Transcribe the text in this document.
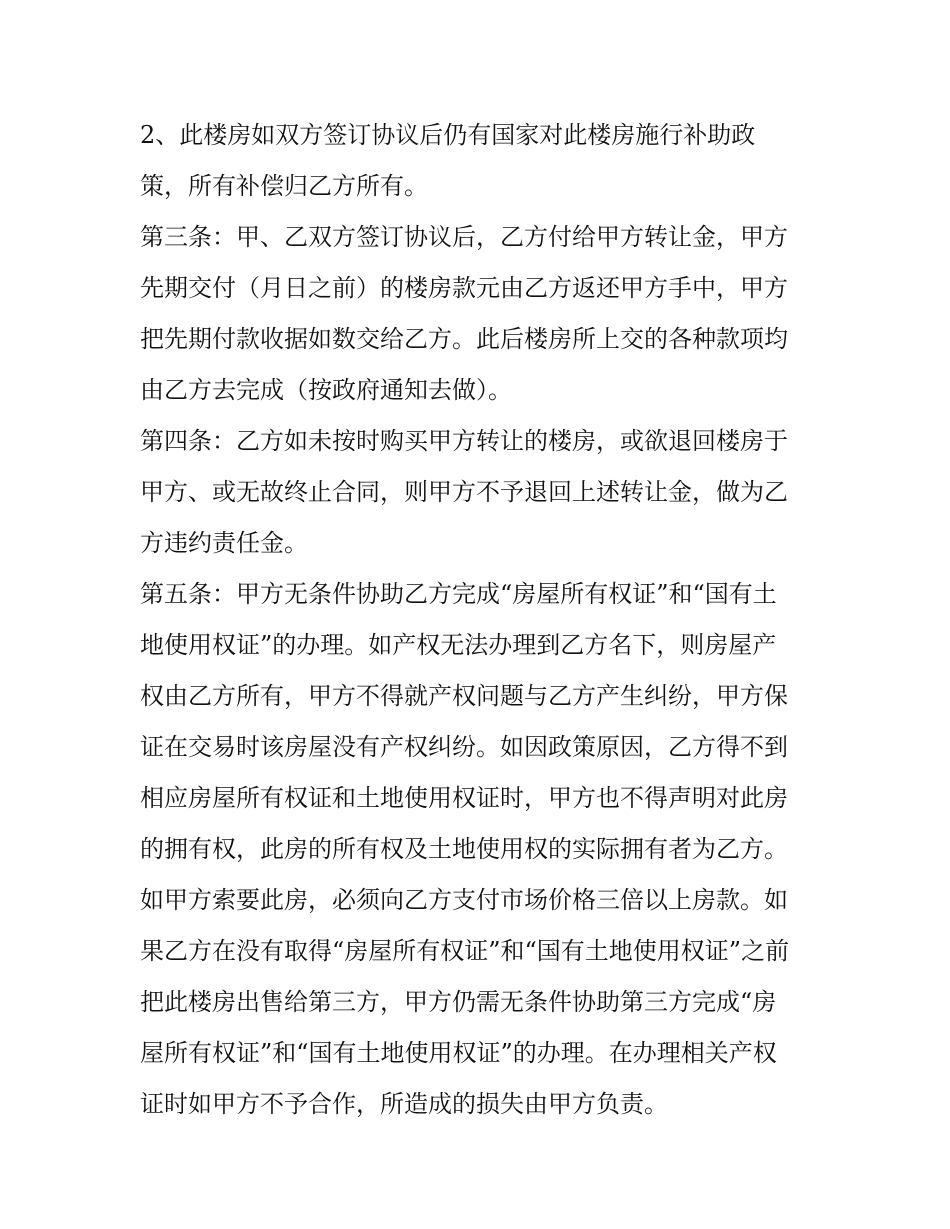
2、此楼房如双方签订协议后仍有国家对此楼房施行补助政
策，所有补偿归乙方所有。
第三条：甲、乙双方签订协议后，乙方付给甲方转让金，甲方
先期交付（月日之前）的楼房款元由乙方返还甲方手中，甲方
把先期付款收据如数交给乙方。此后楼房所上交的各种款项均
由乙方去完成（按政府通知去做）。
第四条：乙方如未按时购买甲方转让的楼房，或欲退回楼房于
甲方、或无故终止合同，则甲方不予退回上述转让金，做为乙
方违约责任金。
第五条：甲方无条件协助乙方完成“房屋所有权证”和“国有土
地使用权证”的办理。如产权无法办理到乙方名下，则房屋产
权由乙方所有，甲方不得就产权问题与乙方产生纠纷，甲方保
证在交易时该房屋没有产权纠纷。如因政策原因，乙方得不到
相应房屋所有权证和土地使用权证时，甲方也不得声明对此房
的拥有权，此房的所有权及土地使用权的实际拥有者为乙方。
如甲方索要此房，必须向乙方支付市场价格三倍以上房款。如
果乙方在没有取得“房屋所有权证”和“国有土地使用权证”之前
把此楼房出售给第三方，甲方仍需无条件协助第三方完成“房
屋所有权证”和“国有土地使用权证”的办理。在办理相关产权
证时如甲方不予合作，所造成的损失由甲方负责。
